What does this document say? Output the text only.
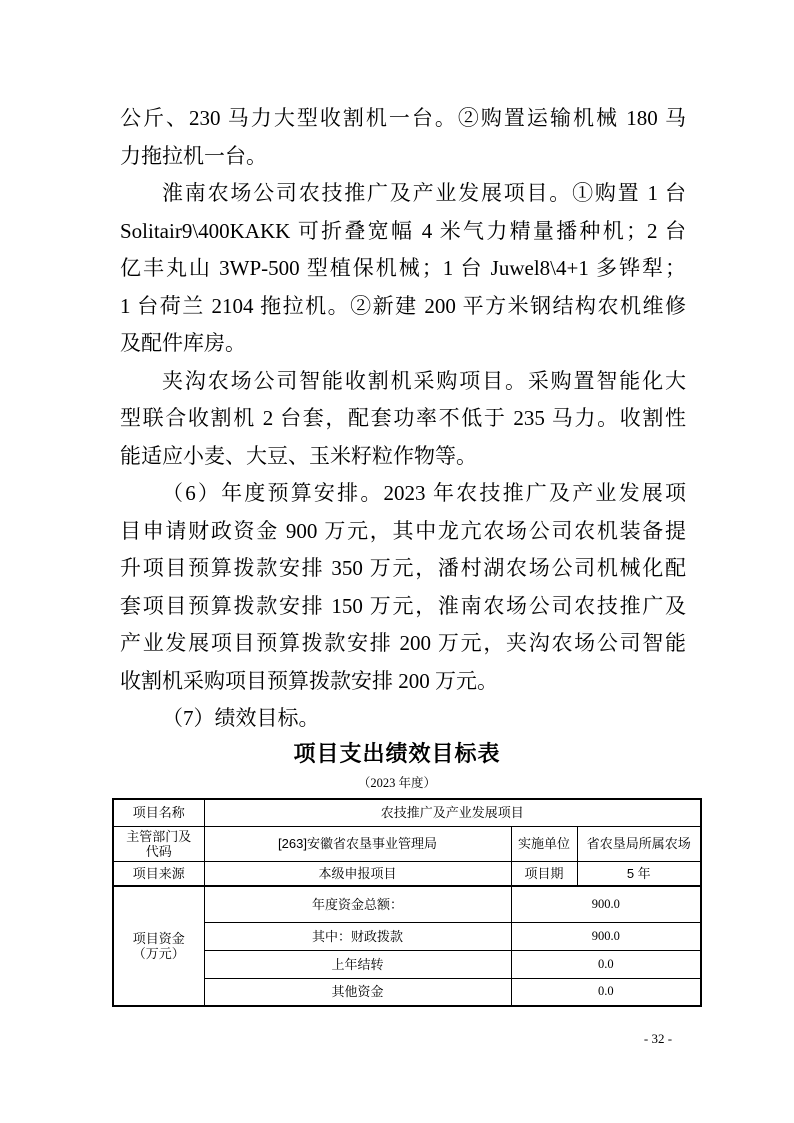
公斤、230 马力大型收割机一台。②购置运输机械 180 马
力拖拉机一台。
淮南农场公司农技推广及产业发展项目。①购置 1 台
Solitair9\400KAKK 可折叠宽幅 4 米气力精量播种机；2 台
亿丰丸山 3WP-500 型植保机械；1 台 Juwel8\4+1 多铧犁；
1 台荷兰 2104 拖拉机。②新建 200 平方米钢结构农机维修
及配件库房。
夹沟农场公司智能收割机采购项目。采购置智能化大
型联合收割机 2 台套，配套功率不低于 235 马力。收割性
能适应小麦、大豆、玉米籽粒作物等。
（6）年度预算安排。2023 年农技推广及产业发展项
目申请财政资金 900 万元，其中龙亢农场公司农机装备提
升项目预算拨款安排 350 万元，潘村湖农场公司机械化配
套项目预算拨款安排 150 万元，淮南农场公司农技推广及
产业发展项目预算拨款安排 200 万元，夹沟农场公司智能
收割机采购项目预算拨款安排 200 万元。
（7）绩效目标。
项目支出绩效目标表
（2023 年度）
项目名称	农技推广及产业发展项目		

主管部门及
代码	[263]安徽省农垦事业管理局	实施单位	省农垦局所属农场
项目来源	本级申报项目	项目期	5 年

项目资金
（万元）	年度资金总额：	900.0	
	其中：财政拨款	900.0	
	上年结转	0.0	
	其他资金	0.0	
- 32 -
